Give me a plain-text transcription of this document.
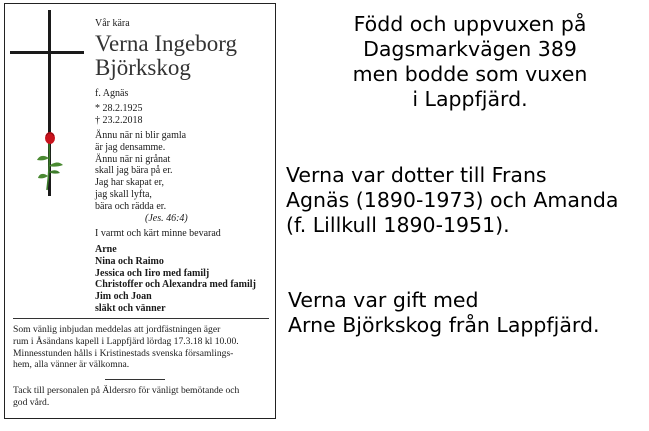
Vår kära
Verna Ingeborg
Björkskog
f. Agnäs
* 28.2.1925
† 23.2.2018
Ännu när ni blir gamla
är jag densamme.
Ännu när ni grånat
skall jag bära på er.
Jag har skapat er,
jag skall lyfta,
bära och rädda er.
(Jes. 46:4)
I varmt och kärt minne bevarad
Arne
Nina och Raimo
Jessica och Iiro med familj
Christoffer och Alexandra med familj
Jim och Joan
släkt och vänner
Som vänlig inbjudan meddelas att jordfästningen äger
rum i Åsändans kapell i Lappfjärd lördag 17.3.18 kl 10.00.
Minnesstunden hålls i Kristinestads svenska församlings-
hem, alla vänner är välkomna.
Tack till personalen på Äldersro för vänligt bemötande och
god vård.
Född och uppvuxen på
Dagsmarkvägen 389
men bodde som vuxen
i Lappfjärd.
Verna var dotter till Frans
Agnäs (1890-1973) och Amanda
(f. Lillkull 1890-1951).
Verna var gift med
Arne Björkskog från Lappfjärd.
